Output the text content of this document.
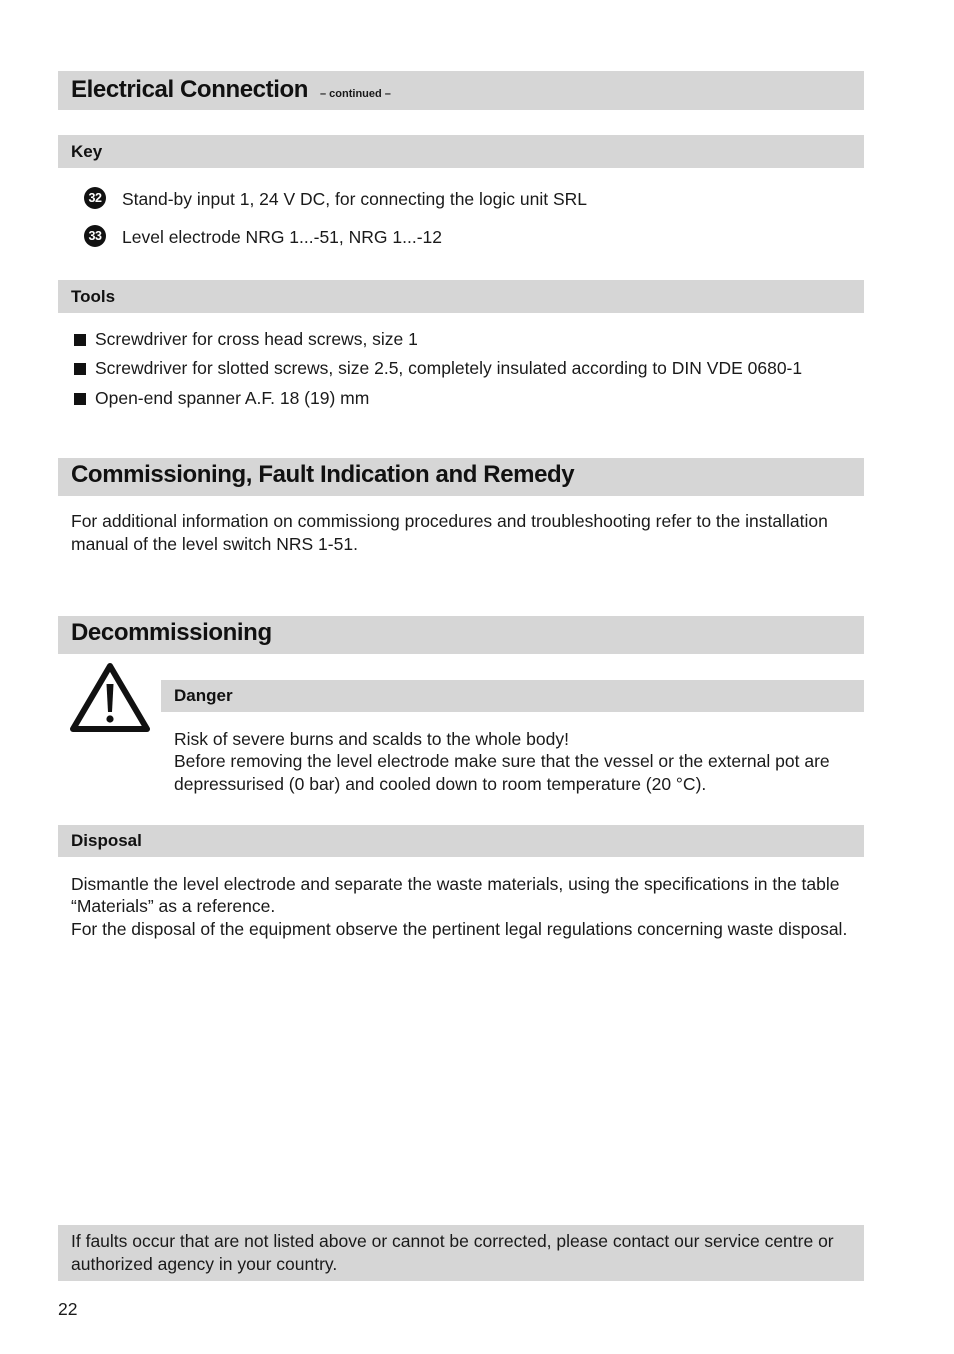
Electrical Connection – continued –
Key
32 Stand-by input 1, 24 V DC, for connecting the logic unit SRL
33 Level electrode NRG 1...-51, NRG 1...-12
Tools
Screwdriver for cross head screws, size 1
Screwdriver for slotted screws, size 2.5, completely insulated according to DIN VDE 0680-1
Open-end spanner A.F. 18 (19) mm
Commissioning, Fault Indication and Remedy
For additional information on commissiong procedures and troubleshooting refer to the installation
manual of the level switch NRS 1-51.
Decommissioning
Danger
Risk of severe burns and scalds to the whole body!
Before removing the level electrode make sure that the vessel or the external pot are
depressurised (0 bar) and cooled down to room temperature (20 °C).
Disposal
Dismantle the level electrode and separate the waste materials, using the specifications in the table
“Materials” as a reference.
For the disposal of the equipment observe the pertinent legal regulations concerning waste disposal.
If faults occur that are not listed above or cannot be corrected, please contact our service centre or
authorized agency in your country.
22
